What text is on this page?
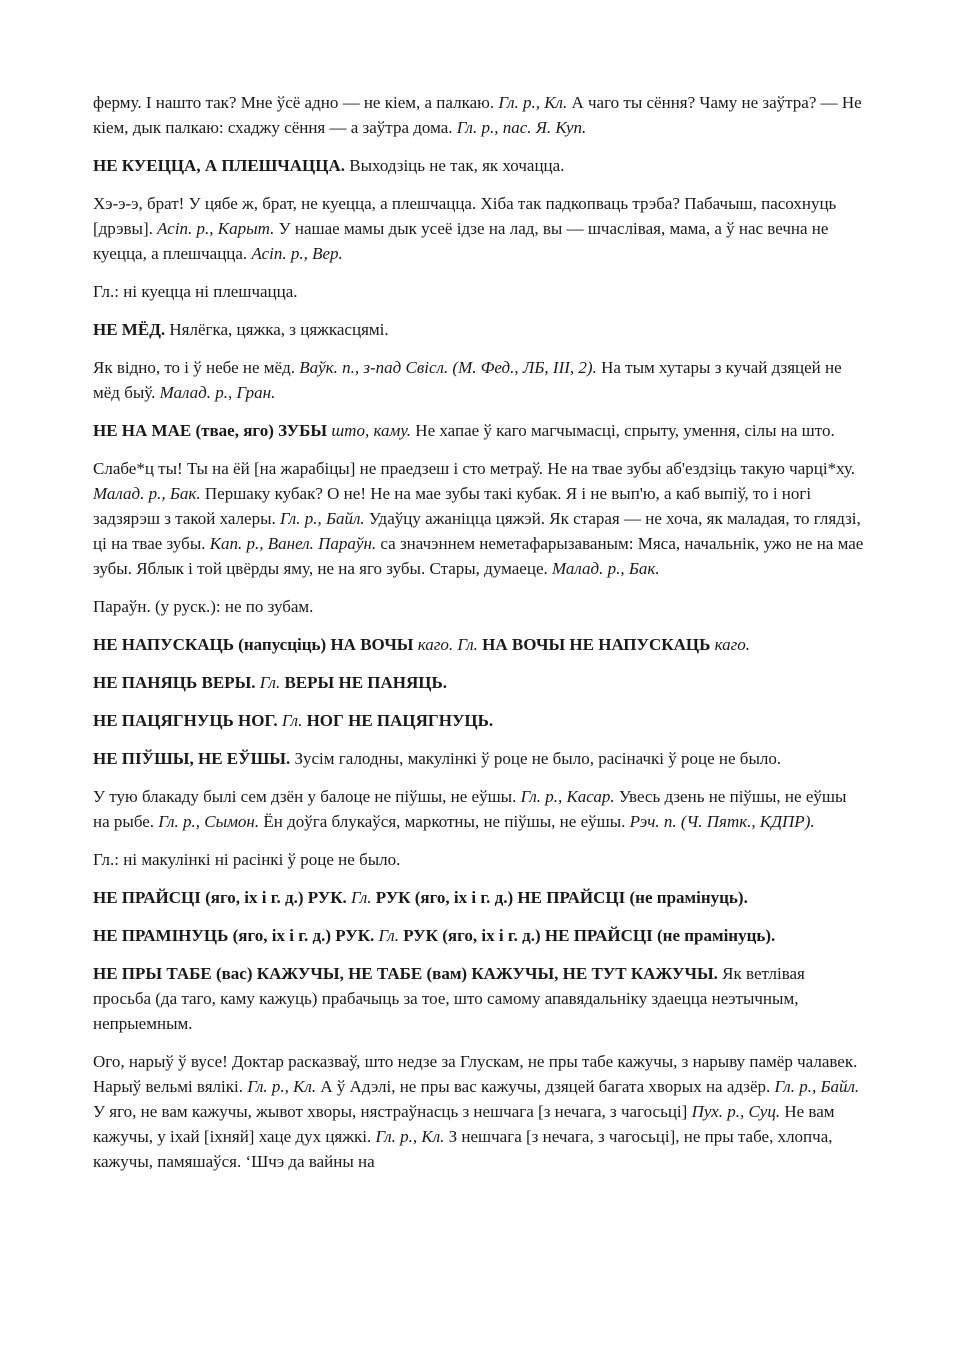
ферму. І нашто так? Мне ўсё адно — не кіем, а палкаю. Гл. р., Кл. А чаго ты сёння? Чаму не заўтра? — Не кіем, дык палкаю: схаджу сёння — а заўтра дома. Гл. р., пас. Я. Куп.

НЕ КУЕЦЦА, А ПЛЕШЧАЦЦА. Выходзіць не так, як хочацца.

Хэ-э-э, брат! У цябе ж, брат, не куецца, а плешчацца. Хіба так падкопваць трэба? Пабачыш, пасохнуць [дрэвы]. Асіп. р., Карыт. У нашае мамы дык усеё ідзе на лад, вы — шчаслівая, мама, а ў нас вечна не куецца, а плешчацца. Асіп. р., Вер.

Гл.: ні куецца ні плешчацца.

НЕ МЁД. Нялёгка, цяжка, з цяжкасцямі.

Як відно, то і ў небе не мёд. Ваўк. п., з-пад Свісл. (М. Фед., ЛБ, III, 2). На тым хутары з кучай дзяцей не мёд быў. Малад. р., Гран.

НЕ НА МАЕ (твае, яго) ЗУБЫ што, каму. Не хапае ў каго магчымасці, спрыту, умення, сілы на што.

Слабе*ц ты! Ты на ёй [на жарабіцы] не праедзеш і сто метраў. Не на твае зубы аб'ездзіць такую чарці*ху. Малад. р., Бак. Першаку кубак? О не! Не на мае зубы такі кубак. Я і не вып'ю, а каб выпіў, то і ногі задзярэш з такой халеры. Гл. р., Байл. Удаўцу ажаніцца цяжэй. Як старая — не хоча, як маладая, то глядзі, ці на твае зубы. Кап. р., Ванел. Параўн. са значэннем неметафарызаваным: Мяса, начальнік, ужо не на мае зубы. Яблык і той цвёрды яму, не на яго зубы. Стары, думаеце. Малад. р., Бак.

Параўн. (у руск.): не по зубам.

НЕ НАПУСКАЦЬ (напусціць) НА ВОЧЫ каго. Гл. НА ВОЧЫ НЕ НАПУСКАЦЬ каго.

НЕ ПАНЯЦЬ ВЕРЫ. Гл. ВЕРЫ НЕ ПАНЯЦЬ.

НЕ ПАЦЯГНУЦЬ НОГ. Гл. НОГ НЕ ПАЦЯГНУЦЬ.

НЕ ПІЎШЫ, НЕ ЕЎШЫ. Зусім галодны, макулінкі ў роце не было, расіначкі ў роце не было.

У тую блакаду былі сем дзён у балоце не піўшы, не еўшы. Гл. р., Касар. Увесь дзень не піўшы, не еўшы на рыбе. Гл. р., Сымон. Ён доўга блукаўся, маркотны, не піўшы, не еўшы. Рэч. п. (Ч. Пятк., КДПР).

Гл.: ні макулінкі ні расінкі ў роце не было.

НЕ ПРАЙСЦІ (яго, іх і г. д.) РУК. Гл. РУК (яго, іх і г. д.) НЕ ПРАЙСЦІ (не прамінуць).

НЕ ПРАМІНУЦЬ (яго, іх і г. д.) РУК. Гл. РУК (яго, іх і г. д.) НЕ ПРАЙСЦІ (не прамінуць).

НЕ ПРЫ ТАБЕ (вас) КАЖУЧЫ, НЕ ТАБЕ (вам) КАЖУЧЫ, НЕ ТУТ КАЖУЧЫ. Як ветлівая просьба (да таго, каму кажуць) прабачыць за тое, што самому апавядальніку здаецца неэтычным, непрыемным.

Ого, нарыў ў вусе! Доктар расказваў, што недзе за Глускам, не пры табе кажучы, з нарыву памёр чалавек. Нарыў вельмі вялікі. Гл. р., Кл. А ў Адэлі, не пры вас кажучы, дзяцей багата хворых на адзёр. Гл. р., Байл. У яго, не вам кажучы, жывот хворы, нястраўнасць з нешчага [з нечага, з чагосьці] Пух. р., Суц. Не вам кажучы, у іхай [іхняй] хаце дух цяжкі. Гл. р., Кл. З нешчага [з нечага, з чагосьці], не пры табе, хлопча, кажучы, памяшаўся. ‘Шчэ да вайны на
